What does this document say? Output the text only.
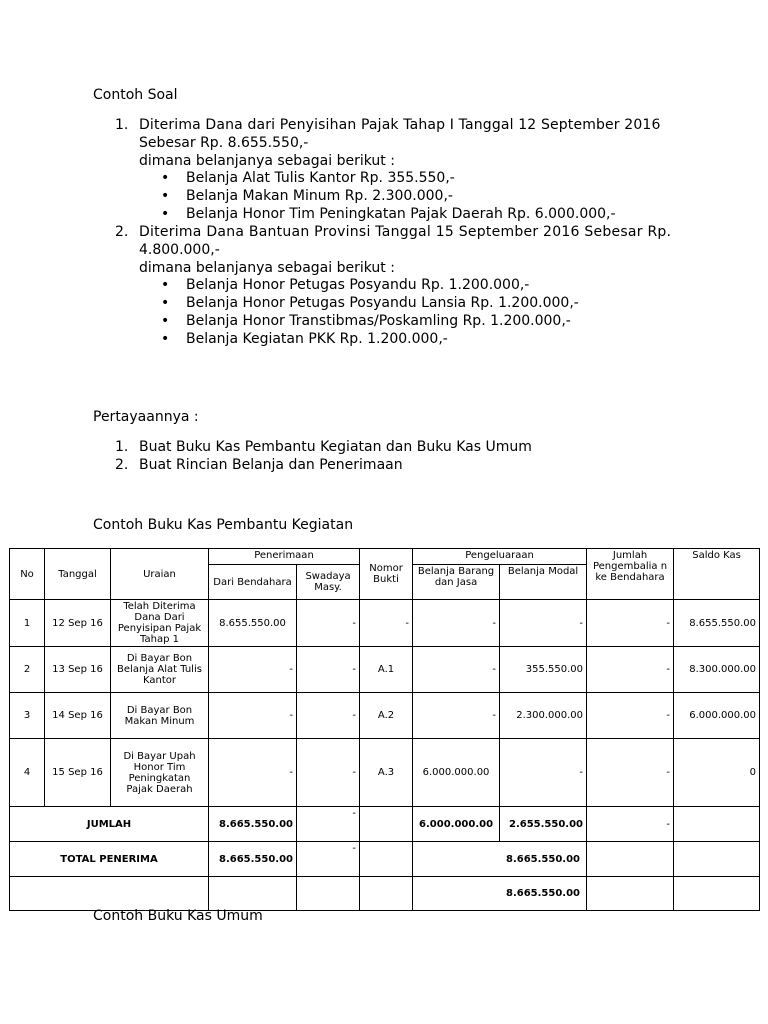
Contoh Soal
1. Diterima Dana dari Penyisihan Pajak Tahap I Tanggal 12 September 2016
Sebesar Rp. 8.655.550,-
dimana belanjanya sebagai berikut :
• Belanja Alat Tulis Kantor Rp. 355.550,-
• Belanja Makan Minum Rp. 2.300.000,-
• Belanja Honor Tim Peningkatan Pajak Daerah Rp. 6.000.000,-
2. Diterima Dana Bantuan Provinsi Tanggal 15 September 2016 Sebesar Rp.
4.800.000,-
dimana belanjanya sebagai berikut :
• Belanja Honor Petugas Posyandu Rp. 1.200.000,-
• Belanja Honor Petugas Posyandu Lansia Rp. 1.200.000,-
• Belanja Honor Transtibmas/Poskamling Rp. 1.200.000,-
• Belanja Kegiatan PKK Rp. 1.200.000,-
Pertayaannya :
1. Buat Buku Kas Pembantu Kegiatan dan Buku Kas Umum
2. Buat Rincian Belanja dan Penerimaan
Contoh Buku Kas Pembantu Kegiatan
No	Tanggal	Uraian	Penerimaan		Nomor Bukti	Pengeluaraan		Jumlah Pengembalia n ke Bendahara	Saldo Kas
			Dari Bendahara	Swadaya Masy.		Belanja Barang dan Jasa	Belanja Modal		
1	12 Sep 16	Telah Diterima Dana Dari Penyisipan Pajak Tahap 1	8.655.550.00	-	-	-	-	-	8.655.550.00
2	13 Sep 16	Di Bayar Bon Belanja Alat Tulis Kantor	-	-	A.1	-	355.550.00	-	8.300.000.00
3	14 Sep 16	Di Bayar Bon Makan Minum	-	-	A.2	-	2.300.000.00	-	6.000.000.00
4	15 Sep 16	Di Bayar Upah Honor Tim Peningkatan Pajak Daerah	-	-	A.3	6.000.000.00	-	-	0
JUMLAH			8.665.550.00	-		6.000.000.00	2.655.550.00	-	
TOTAL PENERIMA			8.665.550.00	-		8.665.550.00			
						8.665.550.00			
Contoh Buku Kas Umum
